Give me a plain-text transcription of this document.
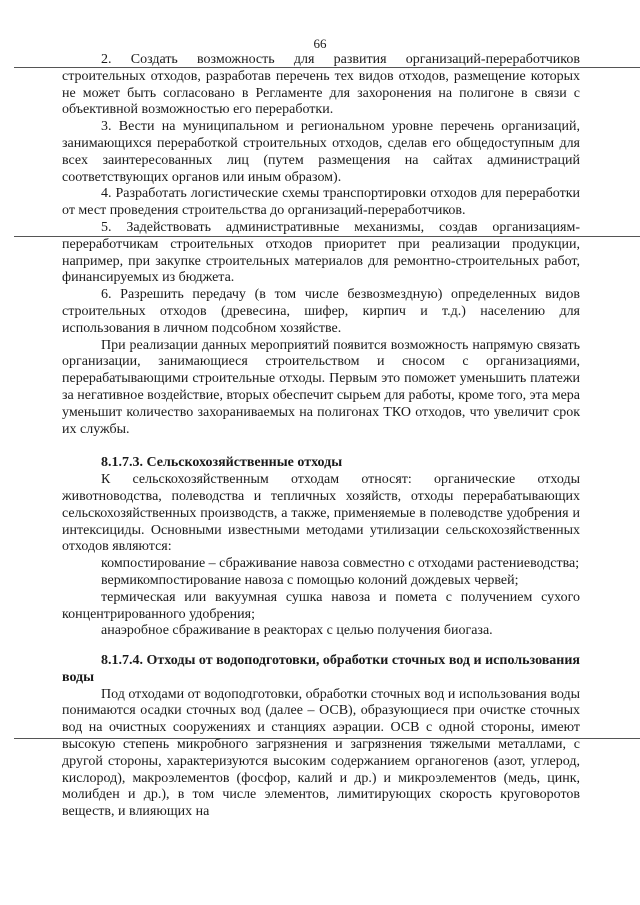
66

2. Создать возможность для развития организаций-переработчиков строительных отходов, разработав перечень тех видов отходов, размещение которых не может быть согласовано в Регламенте для захоронения на полигоне в связи с объективной возможностью его переработки.

3. Вести на муниципальном и региональном уровне перечень организаций, занимающихся переработкой строительных отходов, сделав его общедоступным для всех заинтересованных лиц (путем размещения на сайтах администраций соответствующих органов или иным образом).

4. Разработать логистические схемы транспортировки отходов для переработки от мест проведения строительства до организаций-переработчиков.

5. Задействовать административные механизмы, создав организациям-переработчикам строительных отходов приоритет при реализации продукции, например, при закупке строительных материалов для ремонтно-строительных работ, финансируемых из бюджета.

6. Разрешить передачу (в том числе безвозмездную) определенных видов строительных отходов (древесина, шифер, кирпич и т.д.) населению для использования в личном подсобном хозяйстве.

При реализации данных мероприятий появится возможность напрямую связать организации, занимающиеся строительством и сносом с организациями, перерабатывающими строительные отходы. Первым это поможет уменьшить платежи за негативное воздействие, вторых обеспечит сырьем для работы, кроме того, эта мера уменьшит количество захораниваемых на полигонах ТКО отходов, что увеличит срок их службы.

8.1.7.3. Сельскохозяйственные отходы

К сельскохозяйственным отходам относят: органические отходы животноводства, полеводства и тепличных хозяйств, отходы перерабатывающих сельскохозяйственных производств, а также, применяемые в полеводстве удобрения и интексициды. Основными известными методами утилизации сельскохозяйственных отходов являются:

компостирование – сбраживание навоза совместно с отходами растениеводства;

вермикомпостирование навоза с помощью колоний дождевых червей;

термическая или вакуумная сушка навоза и помета с получением сухого концентрированного удобрения;

анаэробное сбраживание в реакторах с целью получения биогаза.

8.1.7.4. Отходы от водоподготовки, обработки сточных вод и использования воды

Под отходами от водоподготовки, обработки сточных вод и использования воды понимаются осадки сточных вод (далее – ОСВ), образующиеся при очистке сточных вод на очистных сооружениях и станциях аэрации. ОСВ с одной стороны, имеют высокую степень микробного загрязнения и загрязнения тяжелыми металлами, с другой стороны, характеризуются высоким содержанием органогенов (азот, углерод, кислород), макроэлементов (фосфор, калий и др.) и микроэлементов (медь, цинк, молибден и др.), в том числе элементов, лимитирующих скорость круговоротов веществ, и влияющих на
